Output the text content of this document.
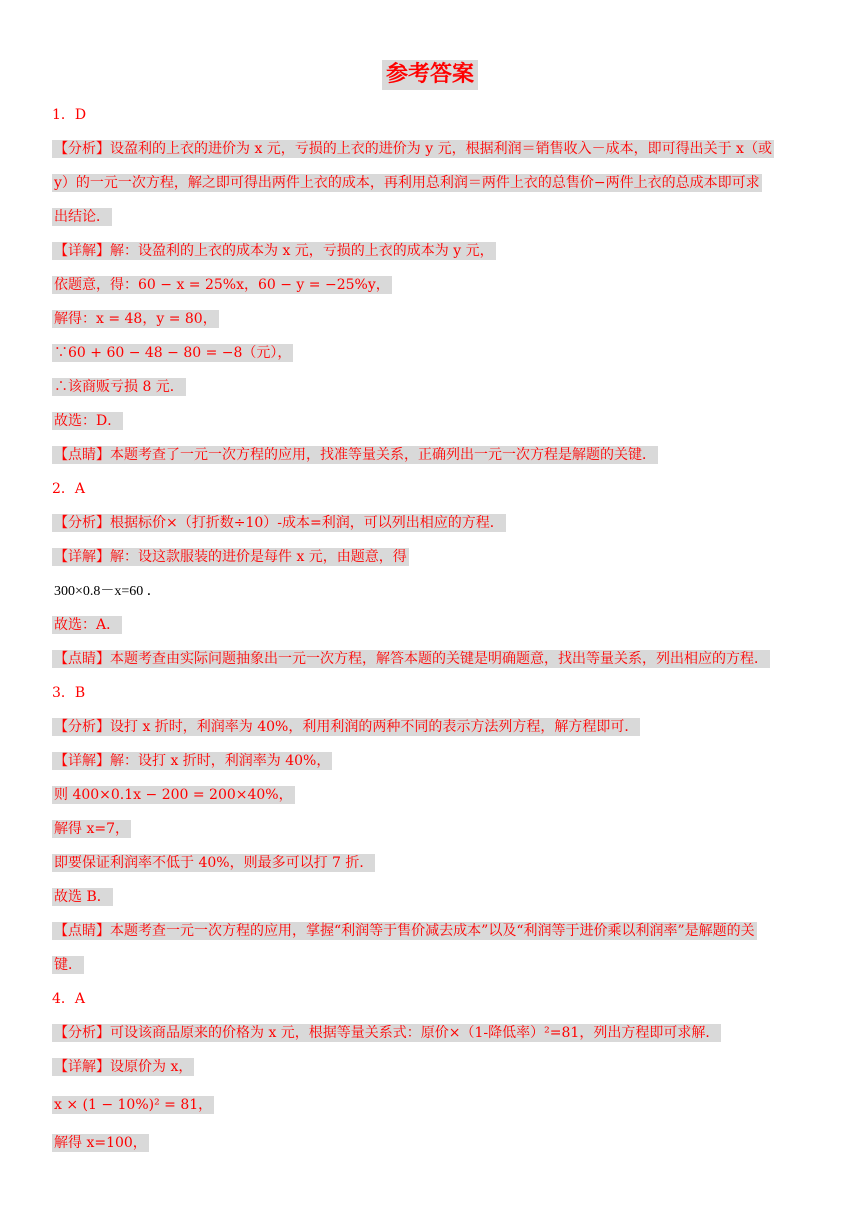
参考答案
1．D
【分析】设盈利的上衣的进价为 x 元，亏损的上衣的进价为 y 元，根据利润＝销售收入－成本，即可得出关于 x（或
y）的一元一次方程，解之即可得出两件上衣的成本，再利用总利润＝两件上衣的总售价−两件上衣的总成本即可求
出结论．
【详解】解：设盈利的上衣的成本为 x 元，亏损的上衣的成本为 y 元，
依题意，得：60 − x = 25%x，60 − y = −25%y，
解得：x = 48，y = 80，
∵60 + 60 − 48 − 80 = −8（元），
∴该商贩亏损 8 元．
故选：D．
【点睛】本题考查了一元一次方程的应用，找准等量关系，正确列出一元一次方程是解题的关键．
2．A
【分析】根据标价×（打折数÷10）-成本=利润，可以列出相应的方程．
【详解】解：设这款服装的进价是每件 x 元，由题意，得
300×0.8－x=60 ．
故选：A．
【点睛】本题考查由实际问题抽象出一元一次方程，解答本题的关键是明确题意，找出等量关系，列出相应的方程．
3．B
【分析】设打 x 折时，利润率为 40%，利用利润的两种不同的表示方法列方程，解方程即可．
【详解】解：设打 x 折时，利润率为 40%，
则 400×0.1x − 200 = 200×40%，
解得 x=7，
即要保证利润率不低于 40%，则最多可以打 7 折．
故选 B．
【点睛】本题考查一元一次方程的应用，掌握“利润等于售价减去成本”以及“利润等于进价乘以利润率”是解题的关
键．
4．A
【分析】可设该商品原来的价格为 x 元，根据等量关系式：原价×（1-降低率）²=81，列出方程即可求解．
【详解】设原价为 x，
x × (1 − 10%)² = 81，
解得 x=100，
